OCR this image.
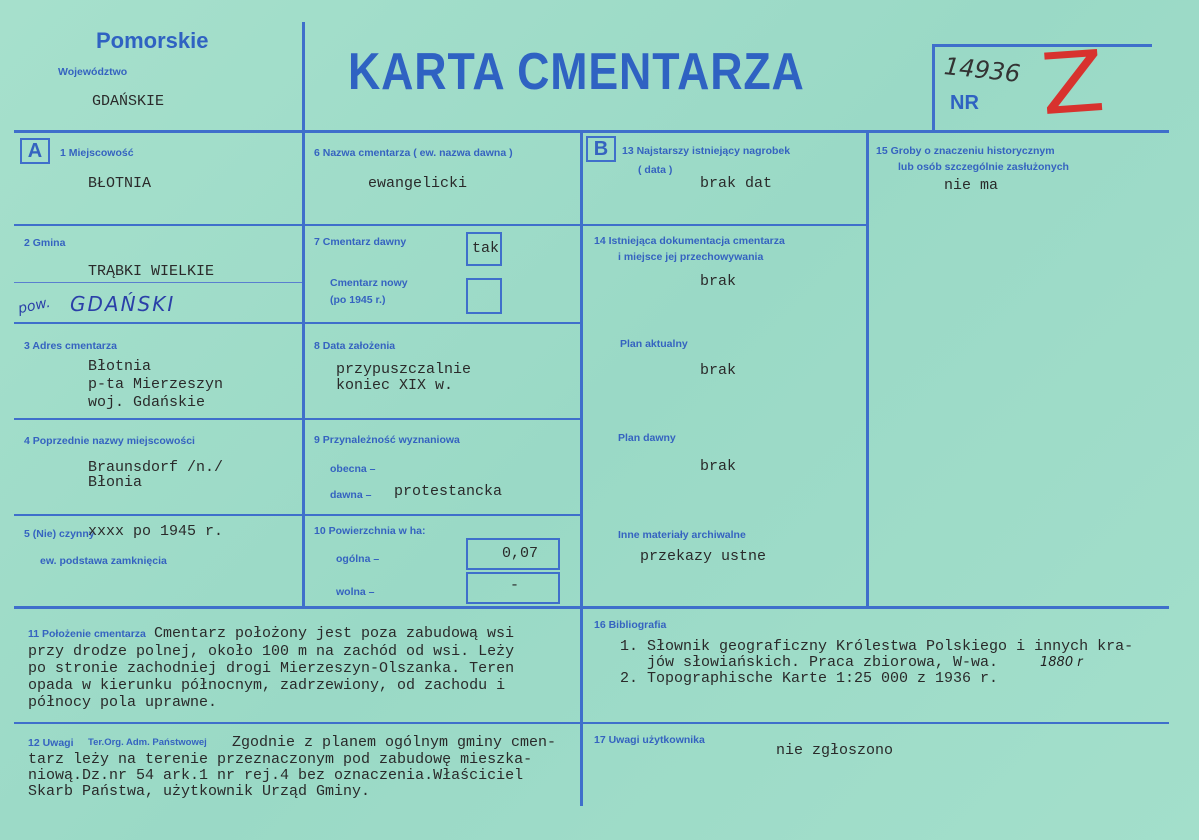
Pomorskie
Województwo
GDAŃSKIE
KARTA CMENTARZA
NR
14936 Z
A	1 Miejscowość
BŁOTNIA
2 Gmina
TRĄBKI WIELKIE
pow. GDAŃSKI
3 Adres cmentarza
Błotnia
p-ta Mierzeszyn
woj. Gdańskie
4 Poprzednie nazwy miejscowości
Braunsdorf /n./
Błonia
5 (Nie) czynny
xxxx po 1945 r.
ew. podstawa zamknięcia
6 Nazwa cmentarza ( ew. nazwa dawna )
ewangelicki
7 Cmentarz dawny	tak
Cmentarz nowy
(po 1945 r.)
8 Data założenia
przypuszczalnie
koniec XIX w.
9 Przynależność wyznaniowa
obecna –
dawna – protestancka
10 Powierzchnia w ha:
ogólna –	0,07
wolna –	-
B	13 Najstarszy istniejący nagrobek
( data )
brak dat
14 Istniejąca dokumentacja cmentarza
i miejsce jej przechowywania
brak
Plan aktualny
brak
Plan dawny
brak
Inne materiały archiwalne
przekazy ustne
15 Groby o znaczeniu historycznym
lub osób szczególnie zasłużonych
nie ma
11 Położenie cmentarza Cmentarz położony jest poza zabudową wsi
przy drodze polnej, około 100 m na zachód od wsi. Leży
po stronie zachodniej drogi Mierzeszyn-Olszanka. Teren
opada w kierunku północnym, zadrzewiony, od zachodu i
północy pola uprawne.
16 Bibliografia
1. Słownik geograficzny Królestwa Polskiego i innych kra-
jów słowiańskich. Praca zbiorowa, W-wa.	1880 r
2. Topographische Karte 1:25 000 z 1936 r.
12 Uwagi Ter.Org. Adm. Państwowej Zgodnie z planem ogólnym gminy cmen-
tarz leży na terenie przeznaczonym pod zabudowę mieszka-
niową.Dz.nr 54 ark.1 nr rej.4 bez oznaczenia.Właściciel
Skarb Państwa, użytkownik Urząd Gminy.
17 Uwagi użytkownika
nie zgłoszono
